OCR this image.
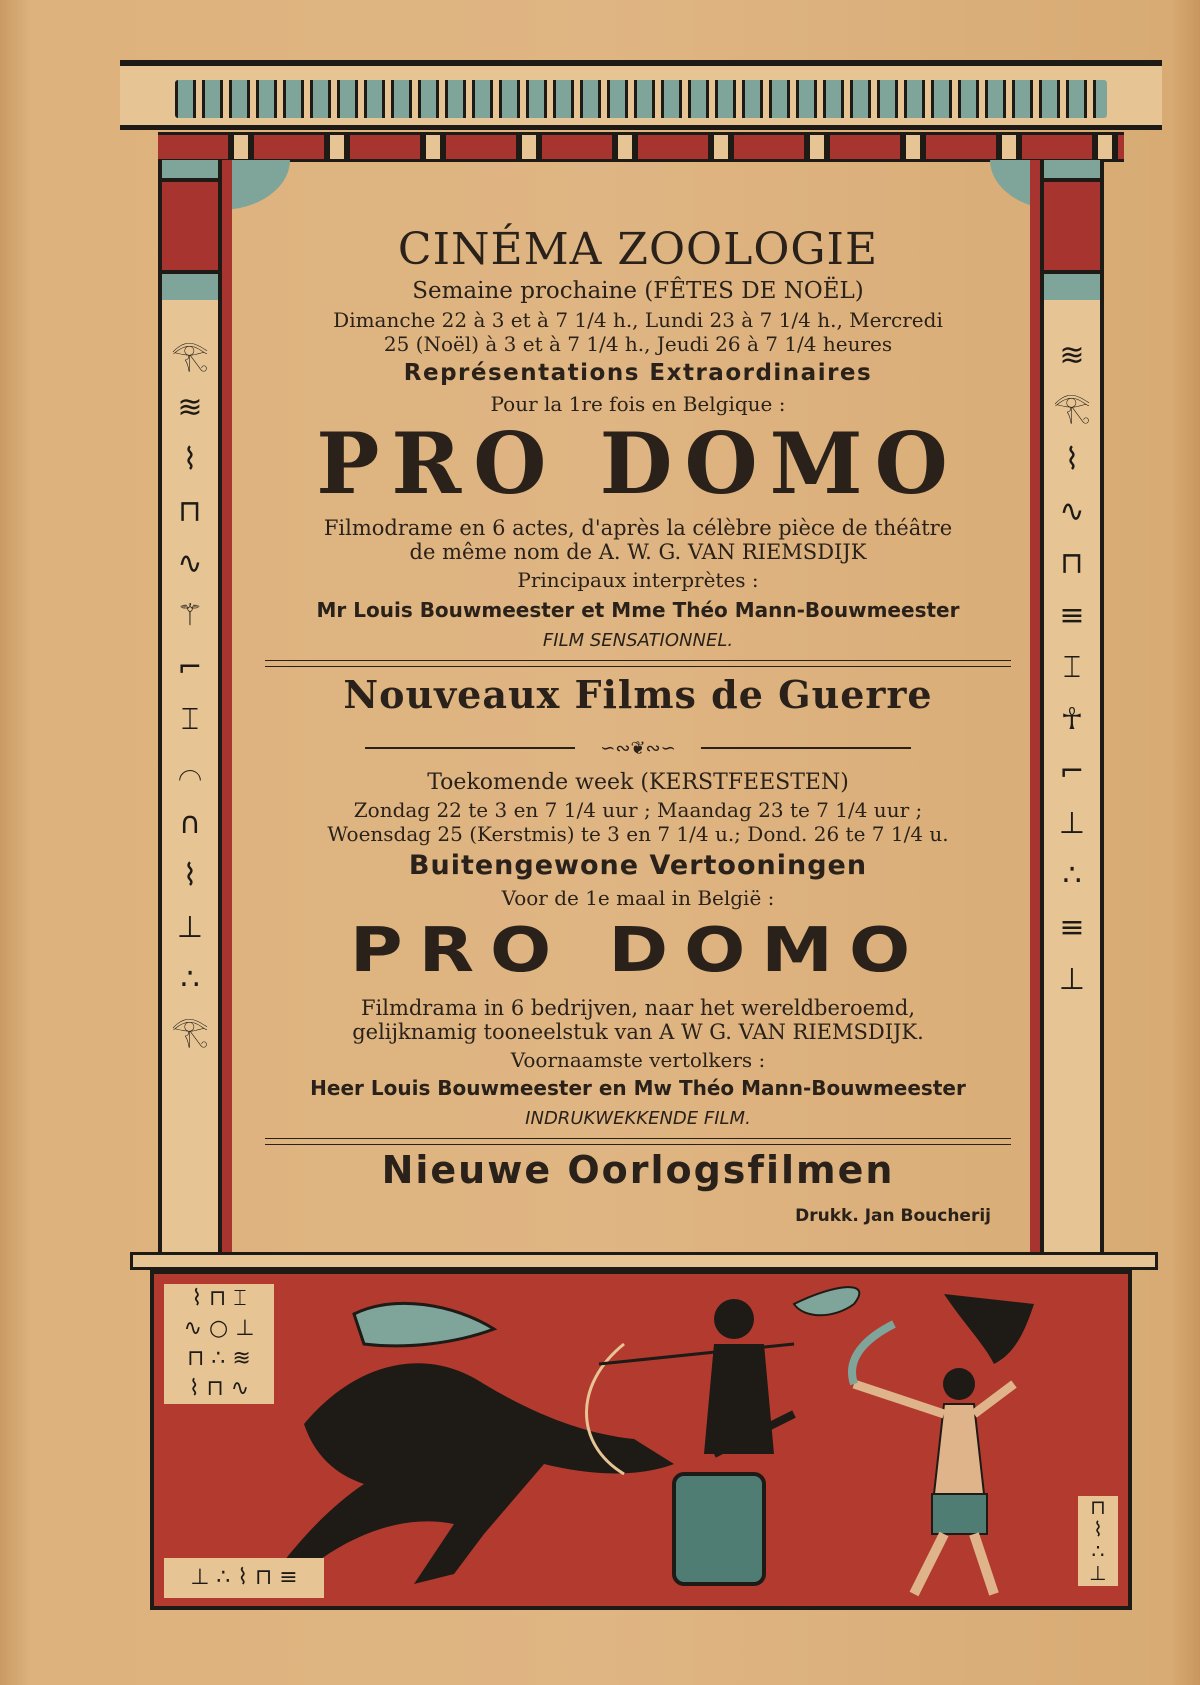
𓂀 ≋ ⌇ ⊓ ∿ ⚚ ⌐ ⌶ ⌒ ∩ ⌇ ⊥ ∴ 𓂀
≋ 𓂀 ⌇ ∿ ⊓ ≡ ⌶ ☥ ⌐ ⊥ ∴ ≡ ⊥
⌇ ⊓ ⌶
∿ ○ ⊥
⊓ ∴ ≋
⌇ ⊓ ∿
⊥ ∴ ⌇ ⊓ ≡
⊓
⌇
∴
⊥
CINÉMA ZOOLOGIE
Semaine prochaine (FÊTES DE NOËL)
Dimanche 22 à 3 et à 7 1/4 h., Lundi 23 à 7 1/4 h., Mercredi
25 (Noël) à 3 et à 7 1/4 h., Jeudi 26 à 7 1/4 heures
Représentations Extraordinaires
Pour la 1re fois en Belgique :
PRO DOMO
Filmodrame en 6 actes, d'après la célèbre pièce de théâtre
de même nom de A. W. G. VAN RIEMSDIJK
Principaux interprètes :
Mr Louis Bouwmeester et Mme Théo Mann-Bouwmeester
FILM SENSATIONNEL.
Nouveaux Films de Guerre
∽∾❦∾∽
Toekomende week (KERSTFEESTEN)
Zondag 22 te 3 en 7 1/4 uur ; Maandag 23 te 7 1/4 uur ;
Woensdag 25 (Kerstmis) te 3 en 7 1/4 u.; Dond. 26 te 7 1/4 u.
Buitengewone Vertooningen
Voor de 1e maal in België :
PRO DOMO
Filmdrama in 6 bedrijven, naar het wereldberoemd,
gelijknamig tooneelstuk van A W G. VAN RIEMSDIJK.
Voornaamste vertolkers :
Heer Louis Bouwmeester en Mw Théo Mann-Bouwmeester
INDRUKWEKKENDE FILM.
Nieuwe Oorlogsfilmen
Drukk. Jan Boucherij
